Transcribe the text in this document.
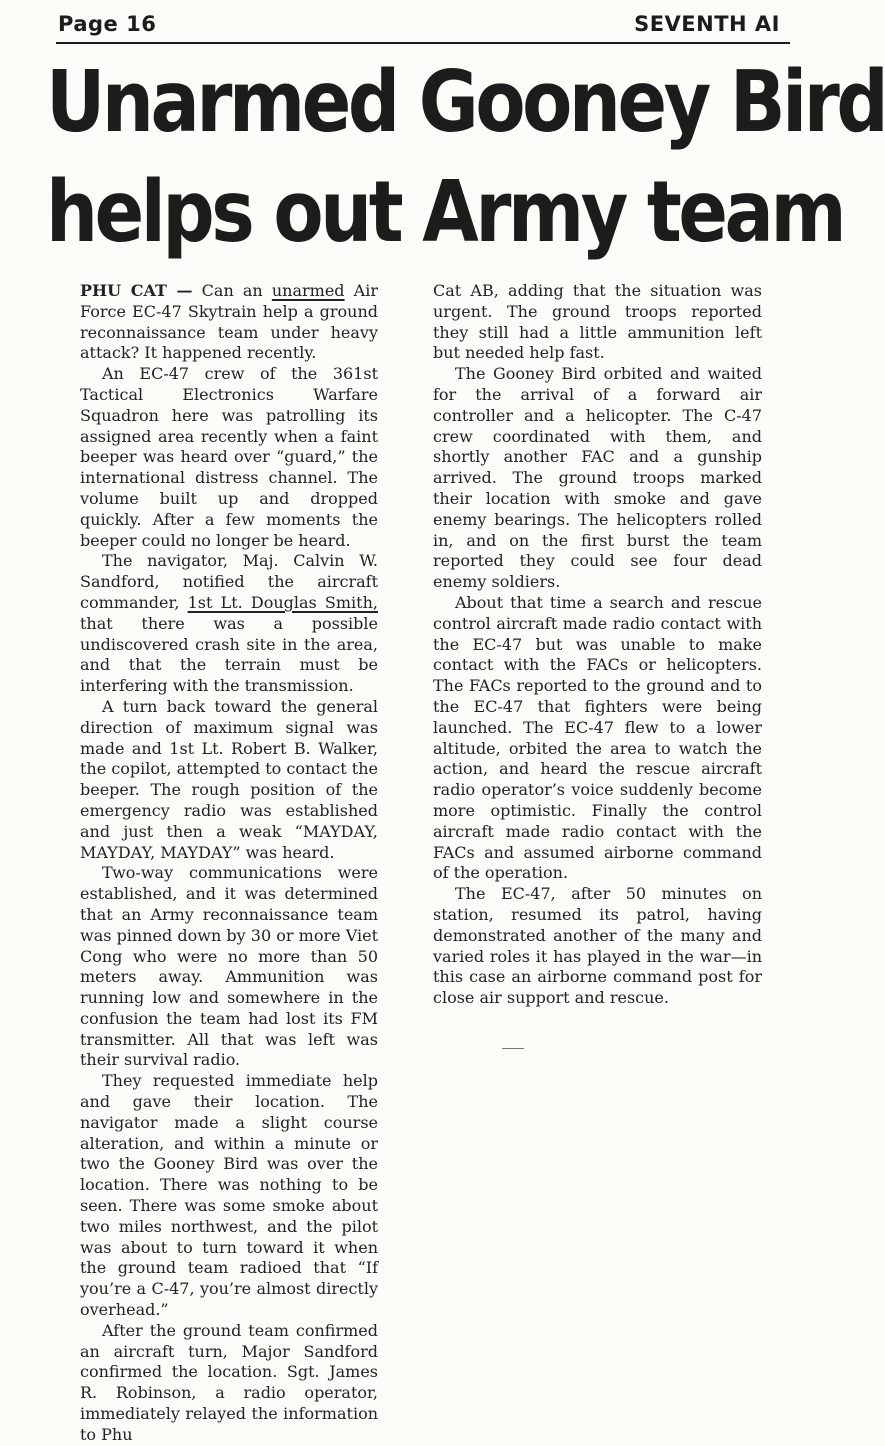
Page 16	SEVENTH AI
Unarmed Gooney Bird
helps out Army team

PHU CAT — Can an unarmed Air Force EC-47 Skytrain help a ground reconnaissance team under heavy attack? It happened recently.

An EC-47 crew of the 361st Tactical Electronics Warfare Squadron here was patrolling its assigned area recently when a faint beeper was heard over “guard,” the international distress channel. The volume built up and dropped quickly. After a few moments the beeper could no longer be heard.

The navigator, Maj. Calvin W. Sandford, notified the aircraft commander, 1st Lt. Douglas Smith, that there was a possible undiscovered crash site in the area, and that the terrain must be interfering with the transmission.

A turn back toward the general direction of maximum signal was made and 1st Lt. Robert B. Walker, the copilot, attempted to contact the beeper. The rough position of the emergency radio was established and just then a weak “MAYDAY, MAYDAY, MAYDAY” was heard.

Two-way communications were established, and it was determined that an Army reconnaissance team was pinned down by 30 or more Viet Cong who were no more than 50 meters away. Ammunition was running low and somewhere in the confusion the team had lost its FM transmitter. All that was left was their survival radio.

They requested immediate help and gave their location. The navigator made a slight course alteration, and within a minute or two the Gooney Bird was over the location. There was nothing to be seen. There was some smoke about two miles northwest, and the pilot was about to turn toward it when the ground team radioed that “If you’re a C-47, you’re almost directly overhead.”

After the ground team confirmed an aircraft turn, Major Sandford confirmed the location. Sgt. James R. Robinson, a radio operator, immediately relayed the information to Phu

Cat AB, adding that the situation was urgent. The ground troops reported they still had a little ammunition left but needed help fast.

The Gooney Bird orbited and waited for the arrival of a forward air controller and a helicopter. The C-47 crew coordinated with them, and shortly another FAC and a gunship arrived. The ground troops marked their location with smoke and gave enemy bearings. The helicopters rolled in, and on the first burst the team reported they could see four dead enemy soldiers.

About that time a search and rescue control aircraft made radio contact with the EC-47 but was unable to make contact with the FACs or helicopters. The FACs reported to the ground and to the EC-47 that fighters were being launched. The EC-47 flew to a lower altitude, orbited the area to watch the action, and heard the rescue aircraft radio operator’s voice suddenly become more optimistic. Finally the control aircraft made radio contact with the FACs and assumed airborne command of the operation.

The EC-47, after 50 minutes on station, resumed its patrol, having demonstrated another of the many and varied roles it has played in the war—in this case an airborne command post for close air support and rescue.
